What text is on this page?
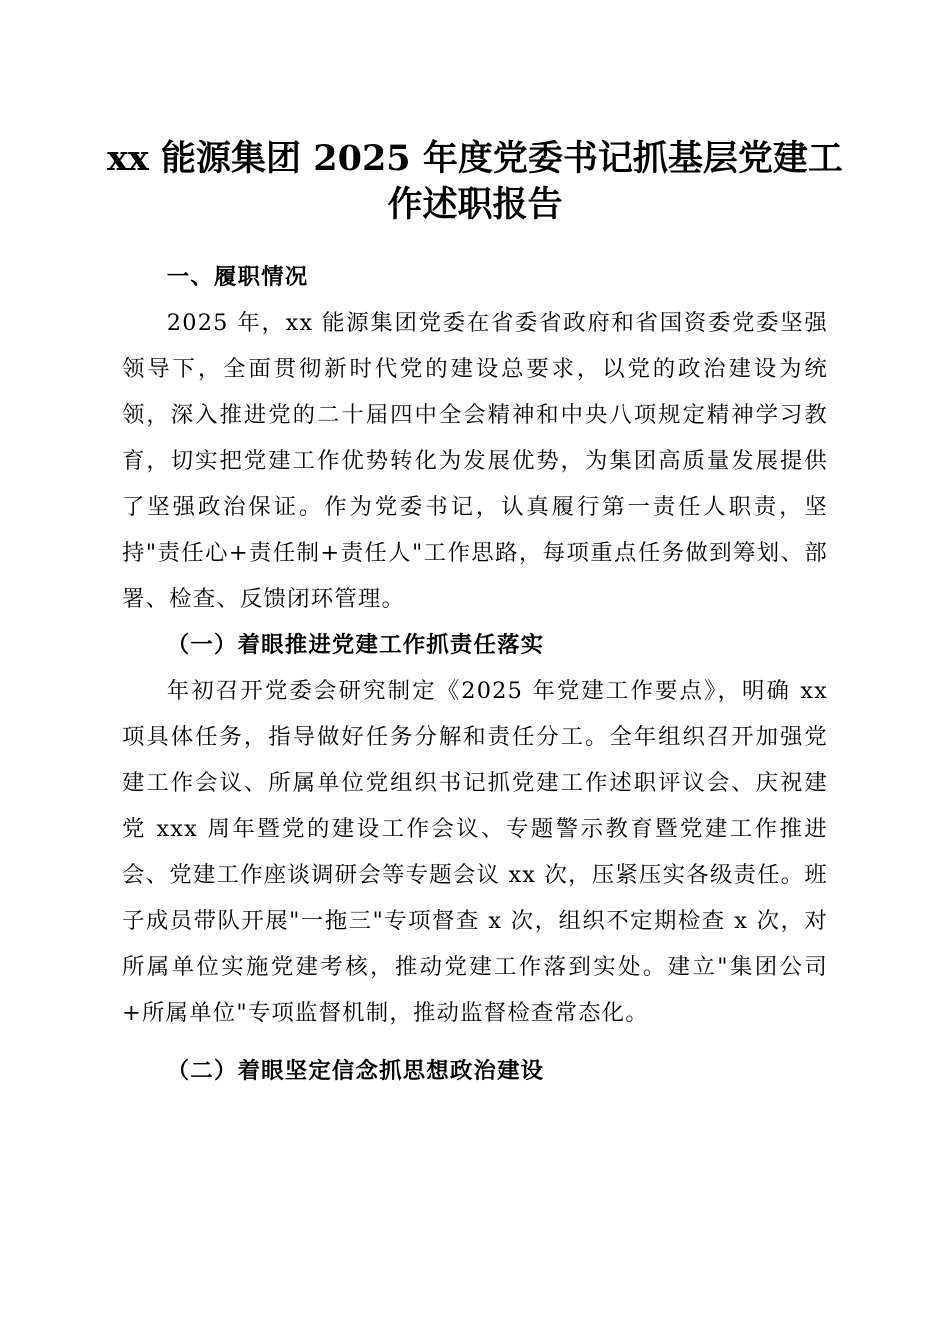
xx 能源集团 2025 年度党委书记抓基层党建工
作述职报告
一、履职情况

2025 年，xx 能源集团党委在省委省政府和省国资委党委坚强领导下，全面贯彻新时代党的建设总要求，以党的政治建设为统领，深入推进党的二十届四中全会精神和中央八项规定精神学习教育，切实把党建工作优势转化为发展优势，为集团高质量发展提供了坚强政治保证。作为党委书记，认真履行第一责任人职责，坚持"责任心+责任制+责任人"工作思路，每项重点任务做到筹划、部署、检查、反馈闭环管理。

（一）着眼推进党建工作抓责任落实

年初召开党委会研究制定《2025 年党建工作要点》，明确 xx 项具体任务，指导做好任务分解和责任分工。全年组织召开加强党建工作会议、所属单位党组织书记抓党建工作述职评议会、庆祝建党 xxx 周年暨党的建设工作会议、专题警示教育暨党建工作推进会、党建工作座谈调研会等专题会议 xx 次，压紧压实各级责任。班子成员带队开展"一拖三"专项督查 x 次，组织不定期检查 x 次，对所属单位实施党建考核，推动党建工作落到实处。建立"集团公司+所属单位"专项监督机制，推动监督检查常态化。

（二）着眼坚定信念抓思想政治建设
